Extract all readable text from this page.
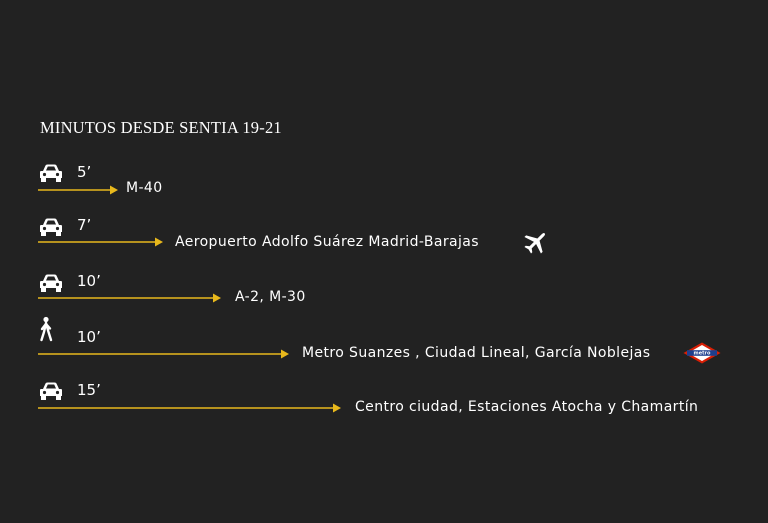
MINUTOS DESDE SENTIA 19-21
5’
M-40
7’
Aeropuerto Adolfo Suárez Madrid-Barajas
10’
A-2, M-30
10’
Metro Suanzes , Ciudad Lineal, García Noblejas	metro
15’
Centro ciudad, Estaciones Atocha y Chamartín
